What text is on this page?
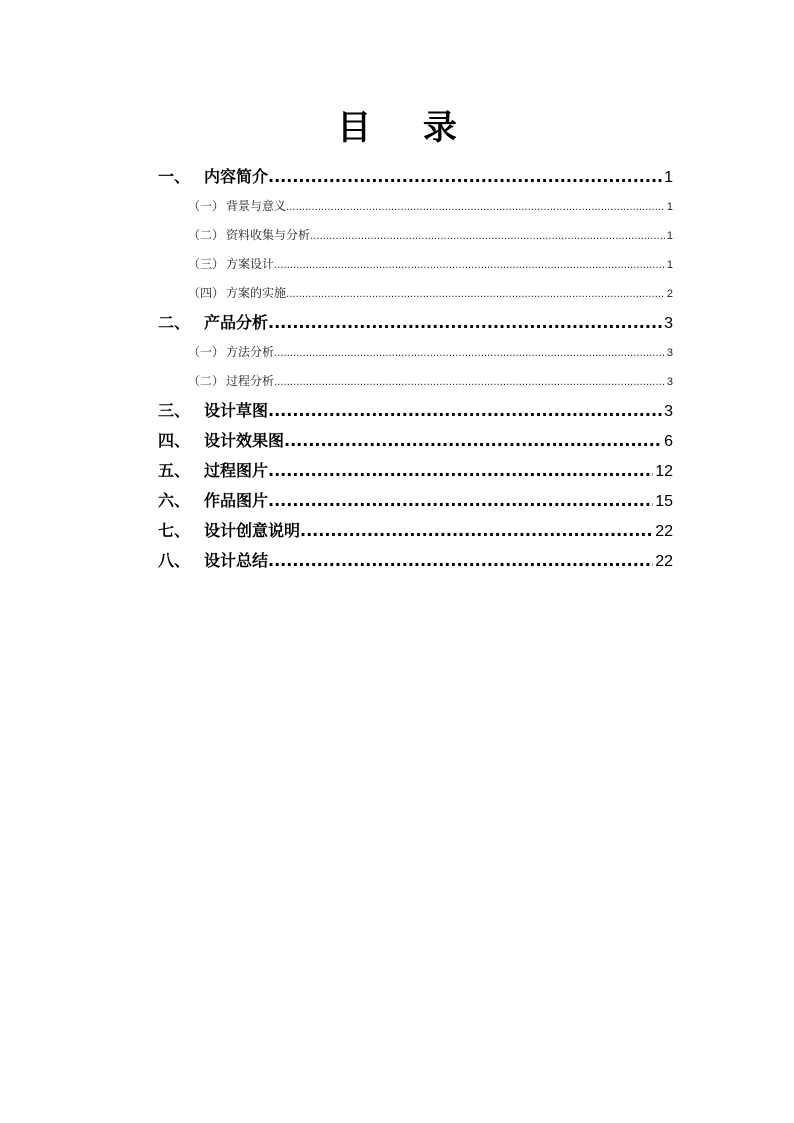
目 录
一、 内容简介 .....	1
（一） 背景与意义 .....	1
（二） 资料收集与分析 .....	1
（三） 方案设计 .....	1
（四） 方案的实施 .....	2
二、 产品分析 .....	3
（一） 方法分析 .....	3
（二） 过程分析 .....	3
三、 设计草图 .....	3
四、 设计效果图 .....	6
五、 过程图片 .....	12
六、 作品图片 .....	15
七、 设计创意说明 .....	22
八、 设计总结 .....	22
